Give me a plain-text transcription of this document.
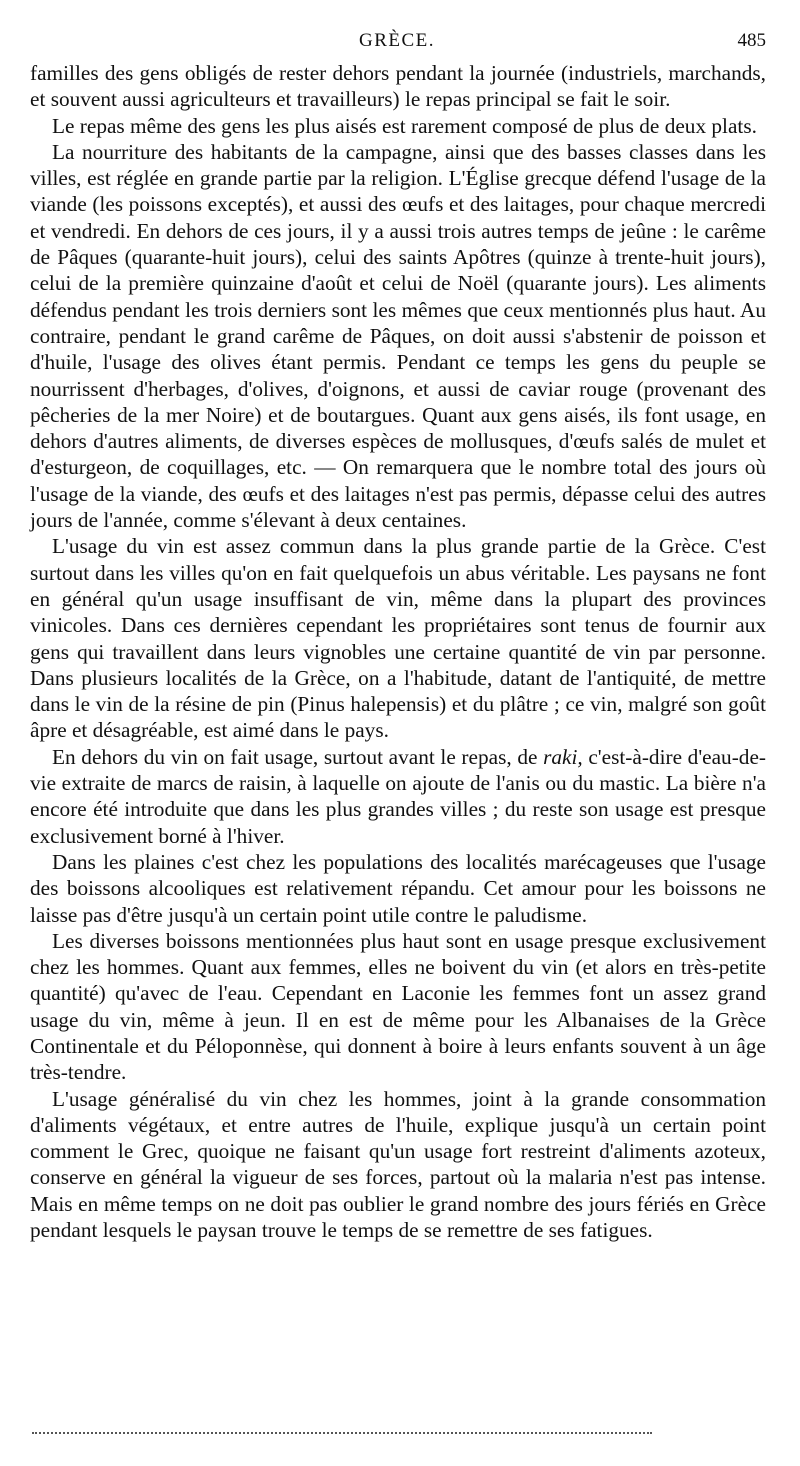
GRÈCE.	485

familles des gens obligés de rester dehors pendant la journée (industriels, marchands, et souvent aussi agriculteurs et travailleurs) le repas principal se fait le soir.

Le repas même des gens les plus aisés est rarement composé de plus de deux plats.

La nourriture des habitants de la campagne, ainsi que des basses classes dans les villes, est réglée en grande partie par la religion. L'Église grecque défend l'usage de la viande (les poissons exceptés), et aussi des œufs et des laitages, pour chaque mercredi et vendredi. En dehors de ces jours, il y a aussi trois autres temps de jeûne : le carême de Pâques (quarante-huit jours), celui des saints Apôtres (quinze à trente-huit jours), celui de la première quinzaine d'août et celui de Noël (quarante jours). Les aliments défendus pendant les trois derniers sont les mêmes que ceux mentionnés plus haut. Au contraire, pendant le grand carême de Pâques, on doit aussi s'abstenir de poisson et d'huile, l'usage des olives étant permis. Pendant ce temps les gens du peuple se nourrissent d'herbages, d'olives, d'oignons, et aussi de caviar rouge (provenant des pêcheries de la mer Noire) et de boutargues. Quant aux gens aisés, ils font usage, en dehors d'autres aliments, de diverses espèces de mollusques, d'œufs salés de mulet et d'esturgeon, de coquillages, etc. — On remarquera que le nombre total des jours où l'usage de la viande, des œufs et des laitages n'est pas permis, dépasse celui des autres jours de l'année, comme s'élevant à deux centaines.

L'usage du vin est assez commun dans la plus grande partie de la Grèce. C'est surtout dans les villes qu'on en fait quelquefois un abus véritable. Les paysans ne font en général qu'un usage insuffisant de vin, même dans la plupart des provinces vinicoles. Dans ces dernières cependant les propriétaires sont tenus de fournir aux gens qui travaillent dans leurs vignobles une certaine quantité de vin par personne. Dans plusieurs localités de la Grèce, on a l'habitude, datant de l'antiquité, de mettre dans le vin de la résine de pin (Pinus halepensis) et du plâtre ; ce vin, malgré son goût âpre et désagréable, est aimé dans le pays.

En dehors du vin on fait usage, surtout avant le repas, de raki, c'est-à-dire d'eau-de-vie extraite de marcs de raisin, à laquelle on ajoute de l'anis ou du mastic. La bière n'a encore été introduite que dans les plus grandes villes ; du reste son usage est presque exclusivement borné à l'hiver.

Dans les plaines c'est chez les populations des localités marécageuses que l'usage des boissons alcooliques est relativement répandu. Cet amour pour les boissons ne laisse pas d'être jusqu'à un certain point utile contre le paludisme.

Les diverses boissons mentionnées plus haut sont en usage presque exclusivement chez les hommes. Quant aux femmes, elles ne boivent du vin (et alors en très-petite quantité) qu'avec de l'eau. Cependant en Laconie les femmes font un assez grand usage du vin, même à jeun. Il en est de même pour les Albanaises de la Grèce Continentale et du Péloponnèse, qui donnent à boire à leurs enfants souvent à un âge très-tendre.

L'usage généralisé du vin chez les hommes, joint à la grande consommation d'aliments végétaux, et entre autres de l'huile, explique jusqu'à un certain point comment le Grec, quoique ne faisant qu'un usage fort restreint d'aliments azoteux, conserve en général la vigueur de ses forces, partout où la malaria n'est pas intense. Mais en même temps on ne doit pas oublier le grand nombre des jours fériés en Grèce pendant lesquels le paysan trouve le temps de se remettre de ses fatigues.
